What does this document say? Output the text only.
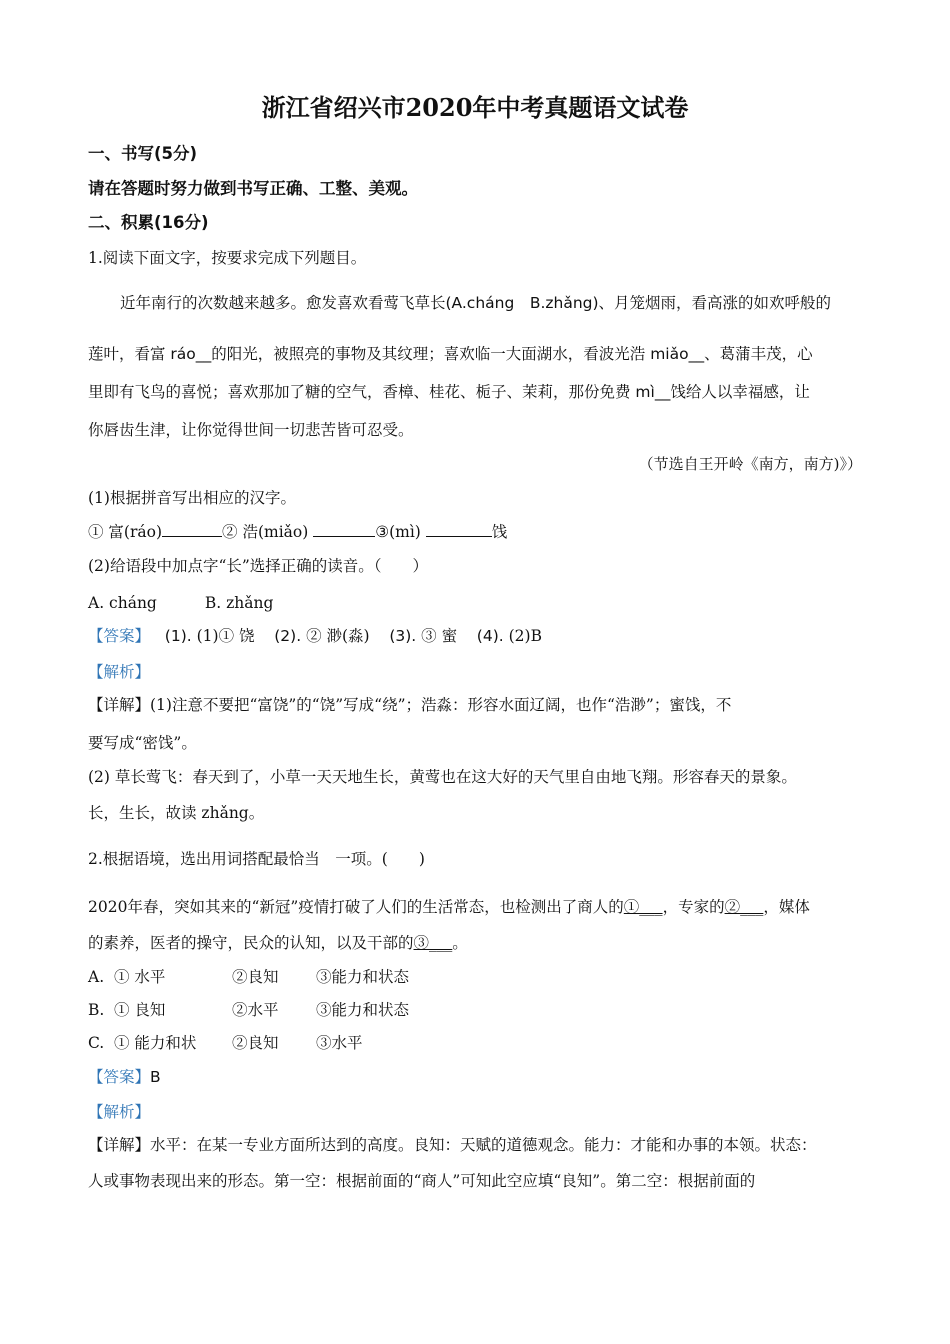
浙江省绍兴市2020年中考真题语文试卷
一、书写(5分)
请在答题时努力做到书写正确、工整、美观。
二、积累(16分)
1.阅读下面文字，按要求完成下列题目。
近年南行的次数越来越多。愈发喜欢看莺飞草长(A.cháng　B.zhǎng)、月笼烟雨，看高涨的如欢呼般的
莲叶，看富 ráo__的阳光，被照亮的事物及其纹理；喜欢临一大面湖水，看波光浩 miǎo__、葛蒲丰茂，心
里即有飞鸟的喜悦；喜欢那加了糖的空气，香樟、桂花、栀子、茉莉，那份免费 mì__饯给人以幸福感，让
你唇齿生津，让你觉得世间一切悲苦皆可忍受。
（节选自王开岭《南方，南方)》）
(1)根据拼音写出相应的汉字。
① 富(ráo)	② 浩(miǎo)	③(mì)	饯
(2)给语段中加点字“长”选择正确的读音。（　　）
A. cháng	B. zhǎng
【答案】 (1). (1)① 饶 (2). ② 渺(淼) (3). ③ 蜜 (4). (2)B
【解析】
【详解】(1)注意不要把“富饶”的“饶”写成“绕”；浩淼：形容水面辽阔，也作“浩渺”；蜜饯，不
要写成“密饯”。
(2) 草长莺飞：春天到了，小草一天天地生长，黄莺也在这大好的天气里自由地飞翔。形容春天的景象。
长，生长，故读 zhǎng。
2.根据语境，选出用词搭配最恰当　一项。(　　)
2020年春，突如其来的“新冠”疫情打破了人们的生活常态，也检测出了商人的①___，专家的②___，媒体
的素养，医者的操守，民众的认知，以及干部的③___。
A. ① 水平	②良知 ③能力和状态
B. ① 良知	②水平 ③能力和状态
C. ① 能力和状 ②良知 ③水平
【答案】B
【解析】
【详解】水平：在某一专业方面所达到的高度。良知：天赋的道德观念。能力：才能和办事的本领。状态：
人或事物表现出来的形态。第一空：根据前面的“商人”可知此空应填“良知”。第二空：根据前面的
